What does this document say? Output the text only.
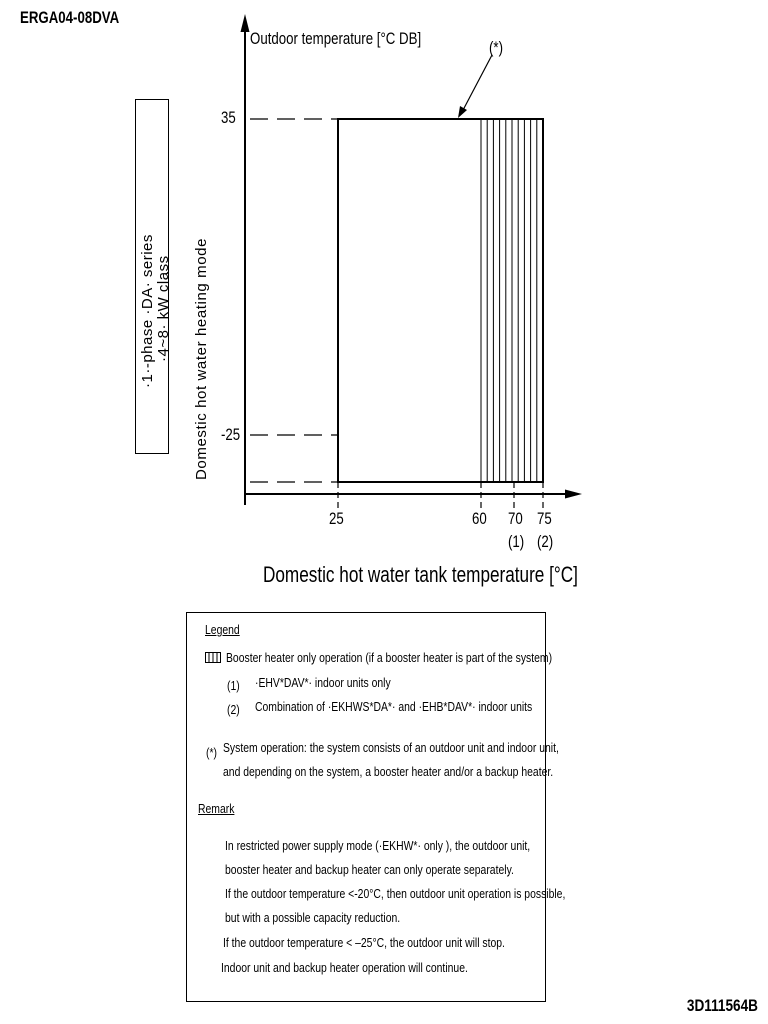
ERGA04-08DVA
·1·-phase ·DA· series ·4~8· kW class Domestic hot water heating mode
Outdoor temperature [°C DB]	(*)
35
-25
25	60 70 75
(1) (2)
Domestic hot water tank temperature [°C]
Legend
Booster heater only operation (if a booster heater is part of the system)
(1) ·EHV*DAV*· indoor units only
(2) Combination of ·EKHWS*DA*· and ·EHB*DAV*· indoor units
(*) System operation: the system consists of an outdoor unit and indoor unit,
and depending on the system, a booster heater and/or a backup heater.
Remark
In restricted power supply mode (·EKHW*· only ), the outdoor unit,
booster heater and backup heater can only operate separately.
If the outdoor temperature <-20°C, then outdoor unit operation is possible,
but with a possible capacity reduction.
If the outdoor temperature < –25°C, the outdoor unit will stop.
Indoor unit and backup heater operation will continue.
3D111564B
